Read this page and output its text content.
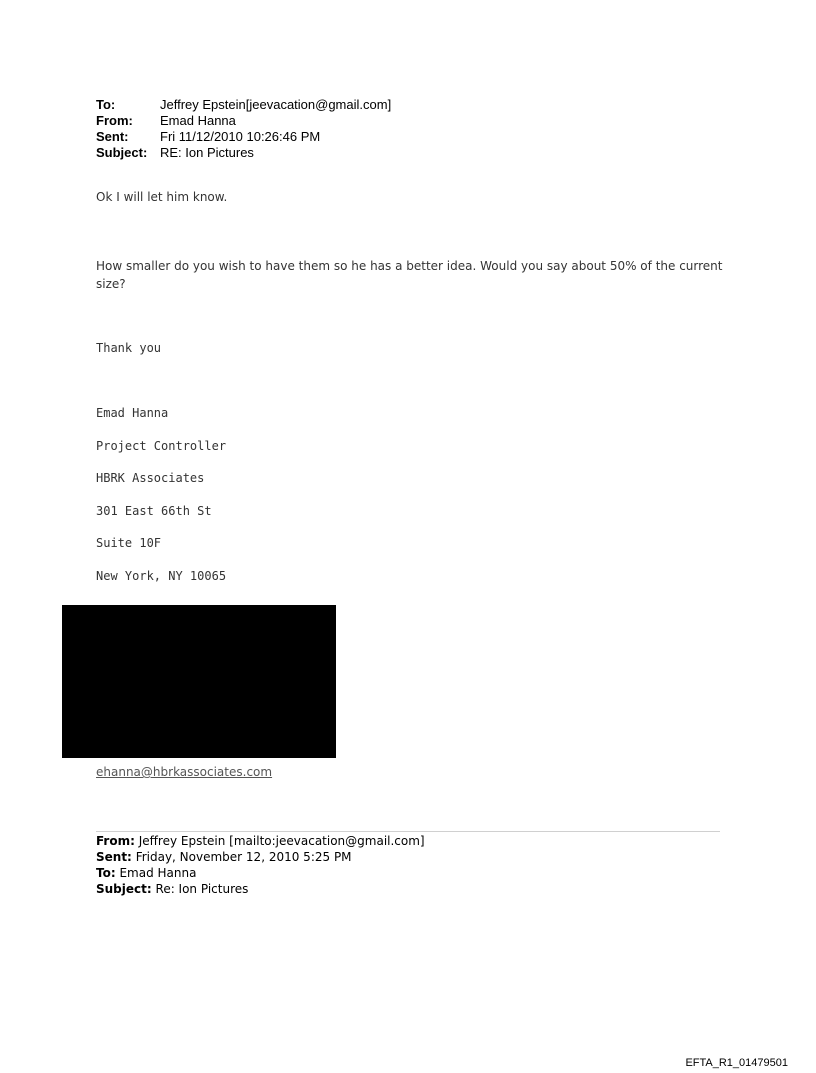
To:	Jeffrey Epstein[jeevacation@gmail.com]
From:	Emad Hanna
Sent:	Fri 11/12/2010 10:26:46 PM
Subject: RE: Ion Pictures
Ok I will let him know.
How smaller do you wish to have them so he has a better idea. Would you say about 50% of the current size?
Thank you
Emad Hanna
Project Controller
HBRK Associates
301 East 66th St
Suite 10F
New York, NY 10065
ehanna@hbrkassociates.com
From: Jeffrey Epstein [mailto:jeevacation@gmail.com]
Sent: Friday, November 12, 2010 5:25 PM
To: Emad Hanna
Subject: Re: Ion Pictures
EFTA_R1_01479501
